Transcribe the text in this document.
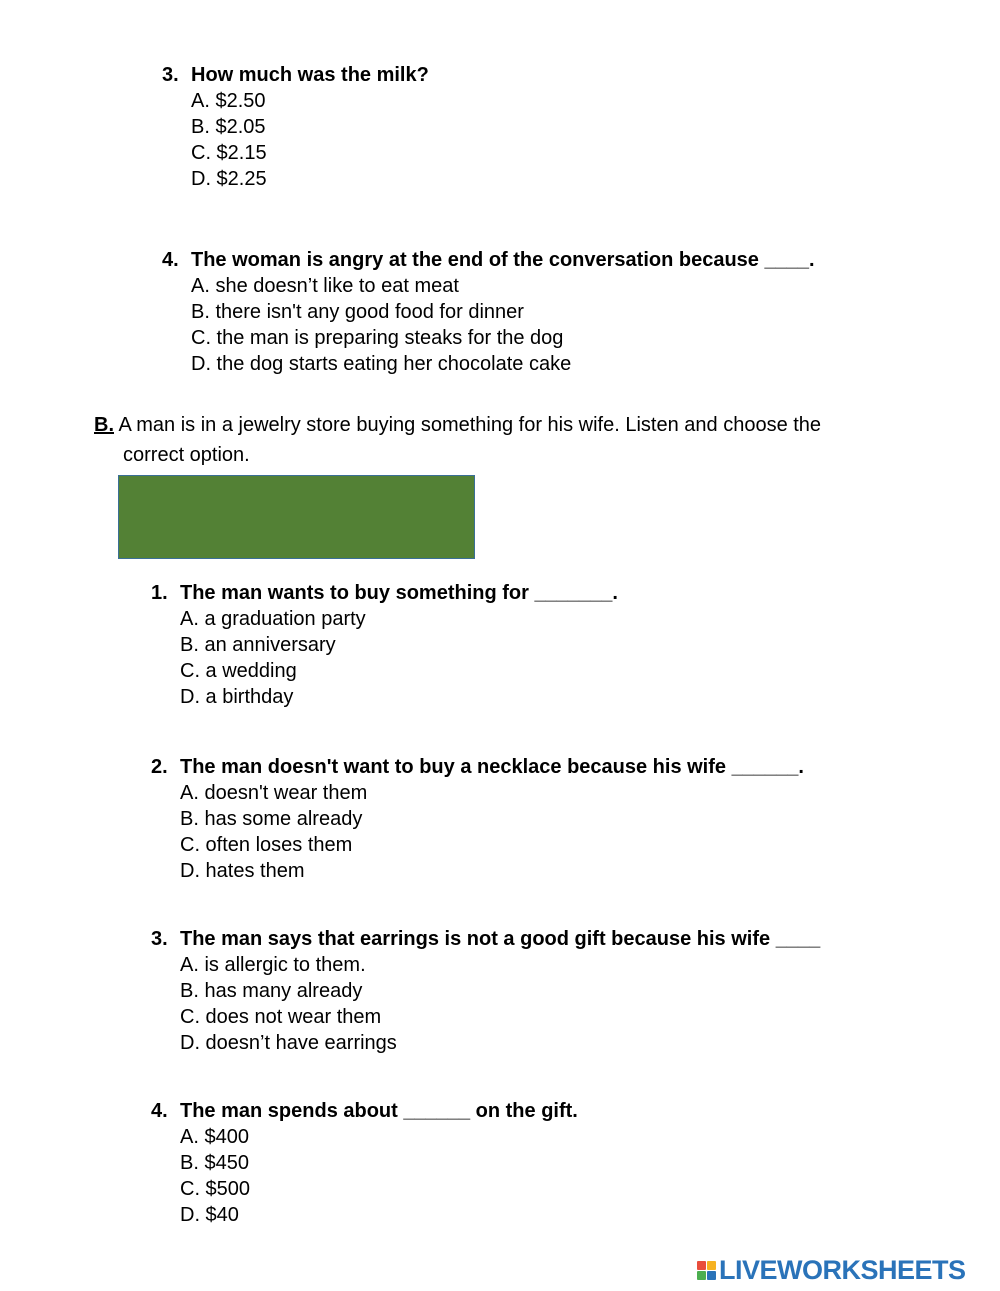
3. How much was the milk?
A. $2.50
B. $2.05
C. $2.15
D. $2.25
4. The woman is angry at the end of the conversation because ____.
A. she doesn’t like to eat meat
B. there isn't any good food for dinner
C. the man is preparing steaks for the dog
D. the dog starts eating her chocolate cake
B. A man is in a jewelry store buying something for his wife. Listen and choose the
correct option.
1. The man wants to buy something for _______.
A. a graduation party
B. an anniversary
C. a wedding
D. a birthday
2. The man doesn't want to buy a necklace because his wife ______.
A. doesn't wear them
B. has some already
C. often loses them
D. hates them
3. The man says that earrings is not a good gift because his wife ____
A. is allergic to them.
B. has many already
C. does not wear them
D. doesn’t have earrings
4. The man spends about ______ on the gift.
A. $400
B. $450
C. $500
D. $40
LIVEWORKSHEETS
